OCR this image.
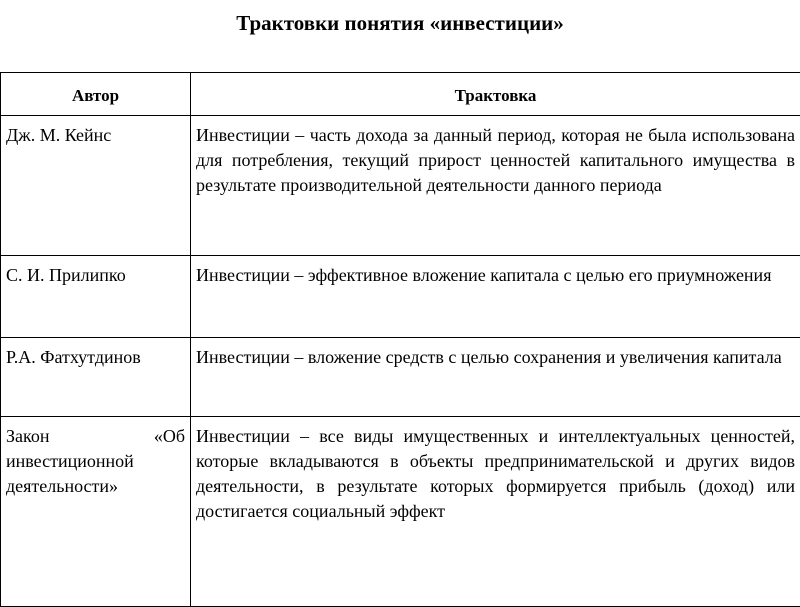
Трактовки понятия «инвестиции»
Автор	Трактовка
Дж. М. Кейнс	Инвестиции – часть дохода за данный период, которая не была использована для потребления, текущий прирост ценностей капитального имущества в результате производительной деятельности данного периода
С. И. Прилипко	Инвестиции – эффективное вложение капитала с целью его приумножения
Р.А. Фатхутдинов	Инвестиции – вложение средств с целью сохранения и увеличения капитала
Закон «Об инвестиционной деятельности»	Инвестиции – все виды имущественных и интеллектуальных ценностей, которые вкладываются в объекты предпринимательской и других видов деятельности, в результате которых формируется прибыль (доход) или достигается социальный эффект
